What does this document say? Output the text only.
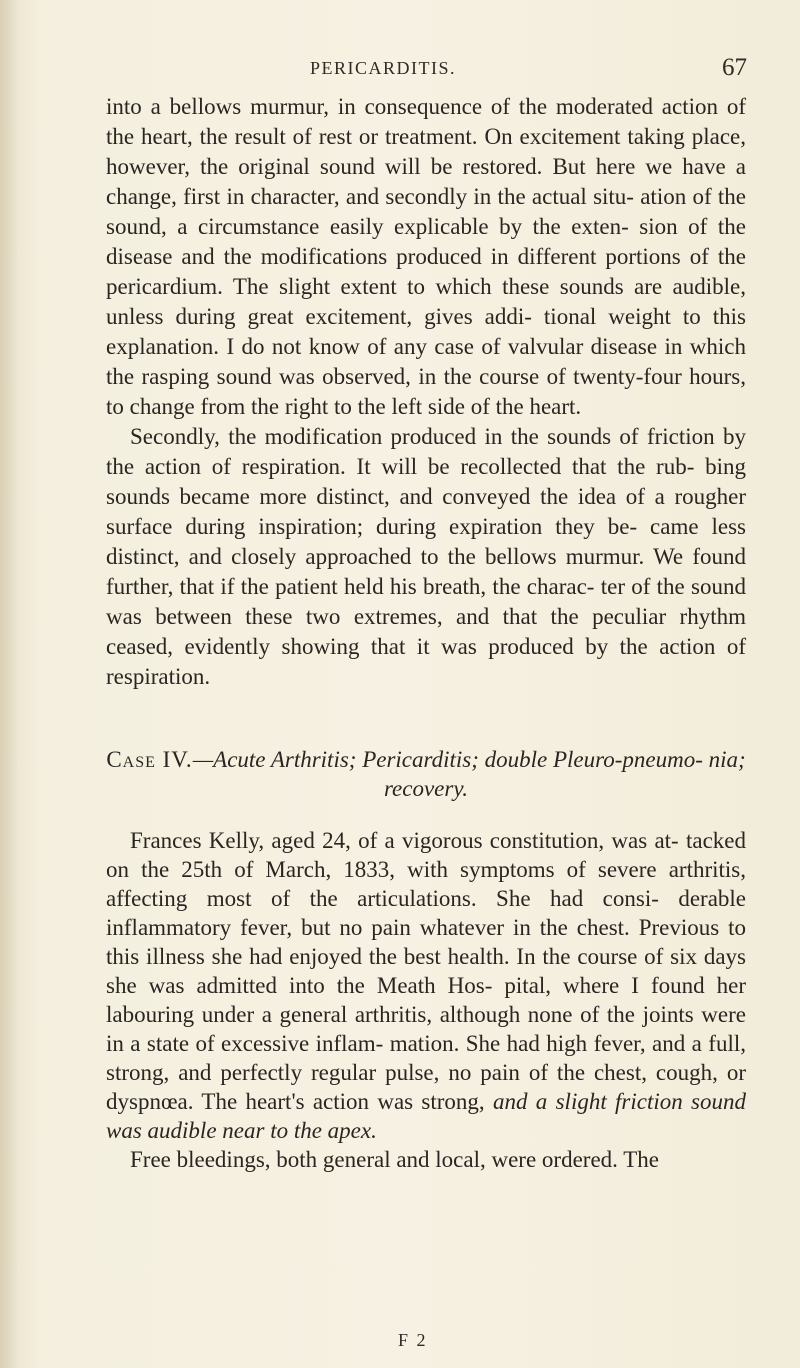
PERICARDITIS.	67

into a bellows murmur, in consequence of the moderated action of the heart, the result of rest or treatment. On excitement taking place, however, the original sound will be restored. But here we have a change, first in character, and secondly in the actual situ- ation of the sound, a circumstance easily explicable by the exten- sion of the disease and the modifications produced in different portions of the pericardium. The slight extent to which these sounds are audible, unless during great excitement, gives addi- tional weight to this explanation. I do not know of any case of valvular disease in which the rasping sound was observed, in the course of twenty-four hours, to change from the right to the left side of the heart.

Secondly, the modification produced in the sounds of friction by the action of respiration. It will be recollected that the rub- bing sounds became more distinct, and conveyed the idea of a rougher surface during inspiration; during expiration they be- came less distinct, and closely approached to the bellows murmur. We found further, that if the patient held his breath, the charac- ter of the sound was between these two extremes, and that the peculiar rhythm ceased, evidently showing that it was produced by the action of respiration.

Case IV.—Acute Arthritis; Pericarditis; double Pleuro-pneumo- nia; recovery.

Frances Kelly, aged 24, of a vigorous constitution, was at- tacked on the 25th of March, 1833, with symptoms of severe arthritis, affecting most of the articulations. She had consi- derable inflammatory fever, but no pain whatever in the chest. Previous to this illness she had enjoyed the best health. In the course of six days she was admitted into the Meath Hos- pital, where I found her labouring under a general arthritis, although none of the joints were in a state of excessive inflam- mation. She had high fever, and a full, strong, and perfectly regular pulse, no pain of the chest, cough, or dyspnœa. The heart's action was strong, and a slight friction sound was audible near to the apex.

Free bleedings, both general and local, were ordered. The

F 2
